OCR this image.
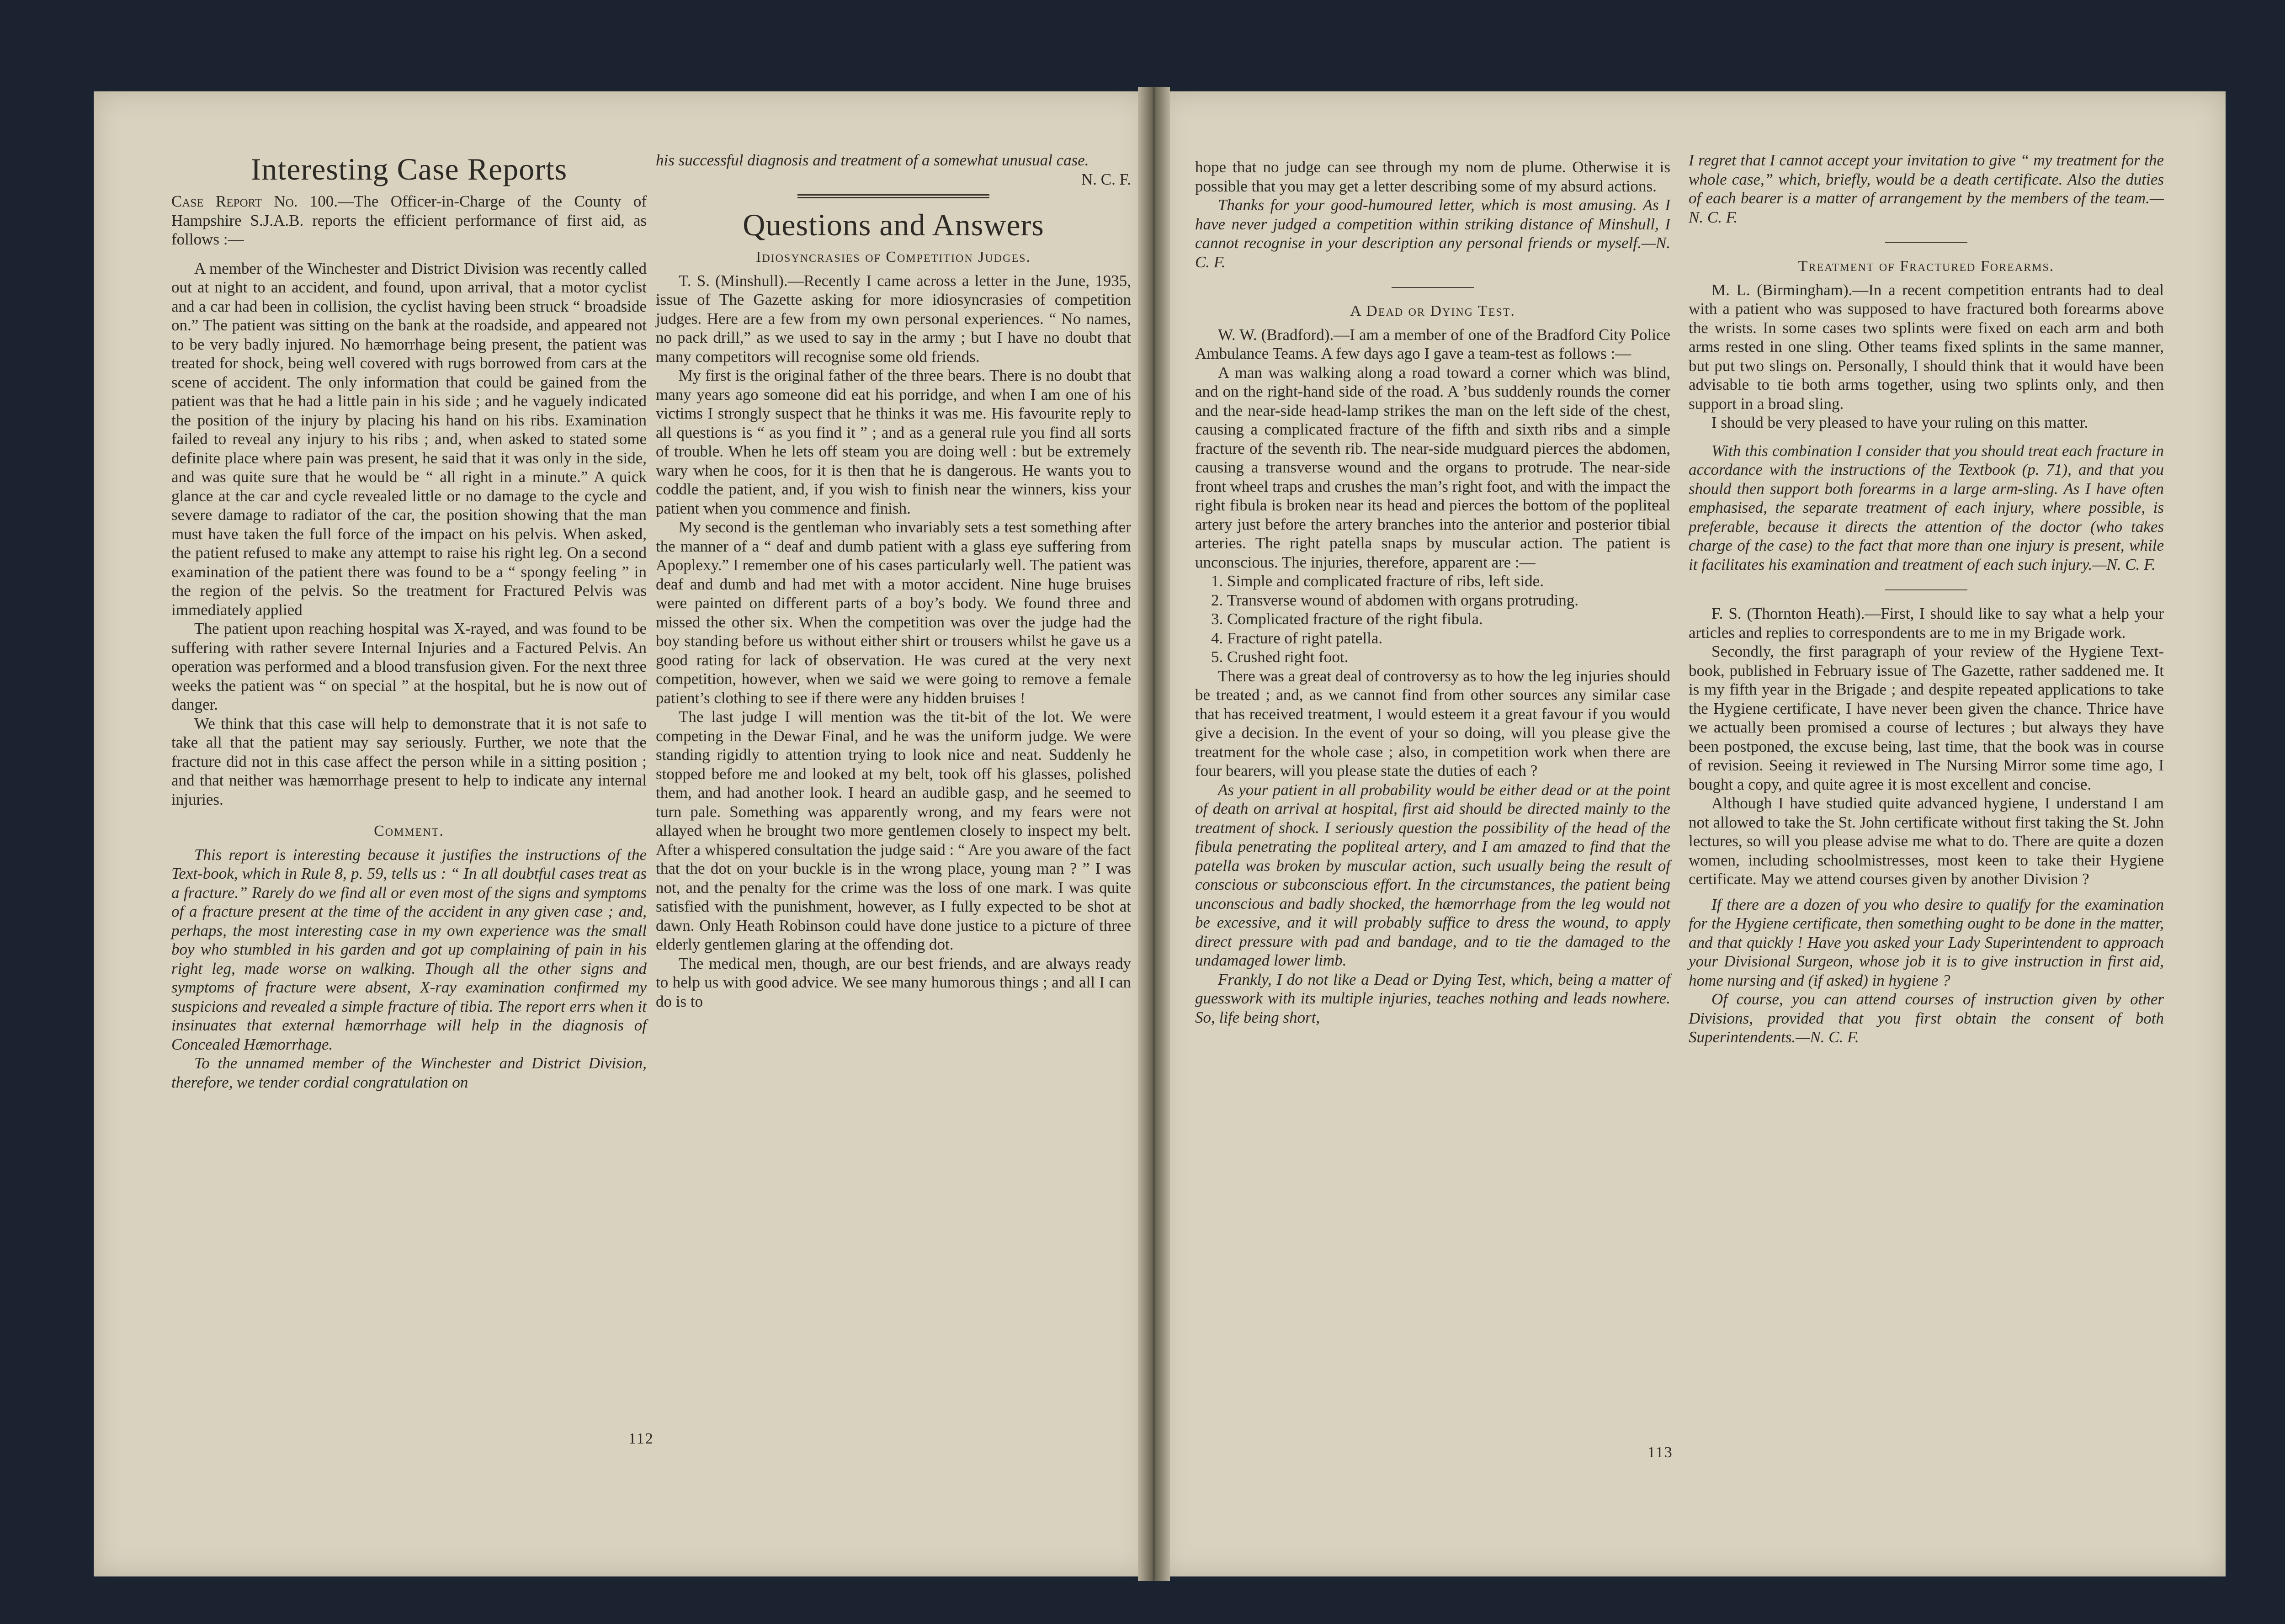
Interesting Case Reports

Case Report No. 100.—The Officer-in-Charge of the County of Hampshire S.J.A.B. reports the efficient performance of first aid, as follows :—

A member of the Winchester and District Division was recently called out at night to an accident, and found, upon arrival, that a motor cyclist and a car had been in collision, the cyclist having been struck “ broadside on.” The patient was sitting on the bank at the roadside, and appeared not to be very badly injured. No hæmorrhage being present, the patient was treated for shock, being well covered with rugs borrowed from cars at the scene of accident. The only information that could be gained from the patient was that he had a little pain in his side ; and he vaguely indicated the position of the injury by placing his hand on his ribs. Examination failed to reveal any injury to his ribs ; and, when asked to stated some definite place where pain was present, he said that it was only in the side, and was quite sure that he would be “ all right in a minute.” A quick glance at the car and cycle revealed little or no damage to the cycle and severe damage to radiator of the car, the position showing that the man must have taken the full force of the impact on his pelvis. When asked, the patient refused to make any attempt to raise his right leg. On a second examination of the patient there was found to be a “ spongy feeling ” in the region of the pelvis. So the treatment for Fractured Pelvis was immediately applied

The patient upon reaching hospital was X-rayed, and was found to be suffering with rather severe Internal Injuries and a Factured Pelvis. An operation was performed and a blood transfusion given. For the next three weeks the patient was “ on special ” at the hospital, but he is now out of danger.

We think that this case will help to demonstrate that it is not safe to take all that the patient may say seriously. Further, we note that the fracture did not in this case affect the person while in a sitting position ; and that neither was hæmorrhage present to help to indicate any internal injuries.

Comment.

This report is interesting because it justifies the instructions of the Text-book, which in Rule 8, p. 59, tells us : “ In all doubtful cases treat as a fracture.” Rarely do we find all or even most of the signs and symptoms of a fracture present at the time of the accident in any given case ; and, perhaps, the most interesting case in my own experience was the small boy who stumbled in his garden and got up complaining of pain in his right leg, made worse on walking. Though all the other signs and symptoms of fracture were absent, X-ray examination confirmed my suspicions and revealed a simple fracture of tibia. The report errs when it insinuates that external hæmorrhage will help in the diagnosis of Concealed Hæmorrhage.

To the unnamed member of the Winchester and District Division, therefore, we tender cordial congratulation on

his successful diagnosis and treatment of a somewhat unusual case.

N. C. F.
Questions and Answers
Idiosyncrasies of Competition Judges.

T. S. (Minshull).—Recently I came across a letter in the June, 1935, issue of The Gazette asking for more idiosyncrasies of competition judges. Here are a few from my own personal experiences. “ No names, no pack drill,” as we used to say in the army ; but I have no doubt that many competitors will recognise some old friends.

My first is the original father of the three bears. There is no doubt that many years ago someone did eat his porridge, and when I am one of his victims I strongly suspect that he thinks it was me. His favourite reply to all questions is “ as you find it ” ; and as a general rule you find all sorts of trouble. When he lets off steam you are doing well : but be extremely wary when he coos, for it is then that he is dangerous. He wants you to coddle the patient, and, if you wish to finish near the winners, kiss your patient when you commence and finish.

My second is the gentleman who invariably sets a test something after the manner of a “ deaf and dumb patient with a glass eye suffering from Apoplexy.” I remember one of his cases particularly well. The patient was deaf and dumb and had met with a motor accident. Nine huge bruises were painted on different parts of a boy’s body. We found three and missed the other six. When the competition was over the judge had the boy standing before us without either shirt or trousers whilst he gave us a good rating for lack of observation. He was cured at the very next competition, however, when we said we were going to remove a female patient’s clothing to see if there were any hidden bruises !

The last judge I will mention was the tit-bit of the lot. We were competing in the Dewar Final, and he was the uniform judge. We were standing rigidly to attention trying to look nice and neat. Suddenly he stopped before me and looked at my belt, took off his glasses, polished them, and had another look. I heard an audible gasp, and he seemed to turn pale. Something was apparently wrong, and my fears were not allayed when he brought two more gentlemen closely to inspect my belt. After a whispered consultation the judge said : “ Are you aware of the fact that the dot on your buckle is in the wrong place, young man ? ” I was not, and the penalty for the crime was the loss of one mark. I was quite satisfied with the punishment, however, as I fully expected to be shot at dawn. Only Heath Robinson could have done justice to a picture of three elderly gentlemen glaring at the offending dot.

The medical men, though, are our best friends, and are always ready to help us with good advice. We see many humorous things ; and all I can do is to

112

hope that no judge can see through my nom de plume. Otherwise it is possible that you may get a letter describing some of my absurd actions.

Thanks for your good-humoured letter, which is most amusing. As I have never judged a competition within striking distance of Minshull, I cannot recognise in your description any personal friends or myself.—N. C. F.

A Dead or Dying Test.

W. W. (Bradford).—I am a member of one of the Bradford City Police Ambulance Teams. A few days ago I gave a team-test as follows :—

A man was walking along a road toward a corner which was blind, and on the right-hand side of the road. A ’bus suddenly rounds the corner and the near-side head-lamp strikes the man on the left side of the chest, causing a complicated fracture of the fifth and sixth ribs and a simple fracture of the seventh rib. The near-side mudguard pierces the abdomen, causing a transverse wound and the organs to protrude. The near-side front wheel traps and crushes the man’s right foot, and with the impact the right fibula is broken near its head and pierces the bottom of the popliteal artery just before the artery branches into the anterior and posterior tibial arteries. The right patella snaps by muscular action. The patient is unconscious. The injuries, therefore, apparent are :—

1. Simple and complicated fracture of ribs, left side.
2. Transverse wound of abdomen with organs protruding.
3. Complicated fracture of the right fibula.
4. Fracture of right patella.
5. Crushed right foot.

There was a great deal of controversy as to how the leg injuries should be treated ; and, as we cannot find from other sources any similar case that has received treatment, I would esteem it a great favour if you would give a decision. In the event of your so doing, will you please give the treatment for the whole case ; also, in competition work when there are four bearers, will you please state the duties of each ?

As your patient in all probability would be either dead or at the point of death on arrival at hospital, first aid should be directed mainly to the treatment of shock. I seriously question the possibility of the head of the fibula penetrating the popliteal artery, and I am amazed to find that the patella was broken by muscular action, such usually being the result of conscious or subconscious effort. In the circumstances, the patient being unconscious and badly shocked, the hæmorrhage from the leg would not be excessive, and it will probably suffice to dress the wound, to apply direct pressure with pad and bandage, and to tie the damaged to the undamaged lower limb.

Frankly, I do not like a Dead or Dying Test, which, being a matter of guesswork with its multiple injuries, teaches nothing and leads nowhere. So, life being short,

I regret that I cannot accept your invitation to give “ my treatment for the whole case,” which, briefly, would be a death certificate. Also the duties of each bearer is a matter of arrangement by the members of the team.—N. C. F.

Treatment of Fractured Forearms.

M. L. (Birmingham).—In a recent competition entrants had to deal with a patient who was supposed to have fractured both forearms above the wrists. In some cases two splints were fixed on each arm and both arms rested in one sling. Other teams fixed splints in the same manner, but put two slings on. Personally, I should think that it would have been advisable to tie both arms together, using two splints only, and then support in a broad sling.

I should be very pleased to have your ruling on this matter.

With this combination I consider that you should treat each fracture in accordance with the instructions of the Textbook (p. 71), and that you should then support both forearms in a large arm-sling. As I have often emphasised, the separate treatment of each injury, where possible, is preferable, because it directs the attention of the doctor (who takes charge of the case) to the fact that more than one injury is present, while it facilitates his examination and treatment of each such injury.—N. C. F.

F. S. (Thornton Heath).—First, I should like to say what a help your articles and replies to correspondents are to me in my Brigade work.

Secondly, the first paragraph of your review of the Hygiene Text-book, published in February issue of The Gazette, rather saddened me. It is my fifth year in the Brigade ; and despite repeated applications to take the Hygiene certificate, I have never been given the chance. Thrice have we actually been promised a course of lectures ; but always they have been postponed, the excuse being, last time, that the book was in course of revision. Seeing it reviewed in The Nursing Mirror some time ago, I bought a copy, and quite agree it is most excellent and concise.

Although I have studied quite advanced hygiene, I understand I am not allowed to take the St. John certificate without first taking the St. John lectures, so will you please advise me what to do. There are quite a dozen women, including schoolmistresses, most keen to take their Hygiene certificate. May we attend courses given by another Division ?

If there are a dozen of you who desire to qualify for the examination for the Hygiene certificate, then something ought to be done in the matter, and that quickly ! Have you asked your Lady Superintendent to approach your Divisional Surgeon, whose job it is to give instruction in first aid, home nursing and (if asked) in hygiene ?

Of course, you can attend courses of instruction given by other Divisions, provided that you first obtain the consent of both Superintendents.—N. C. F.

113
